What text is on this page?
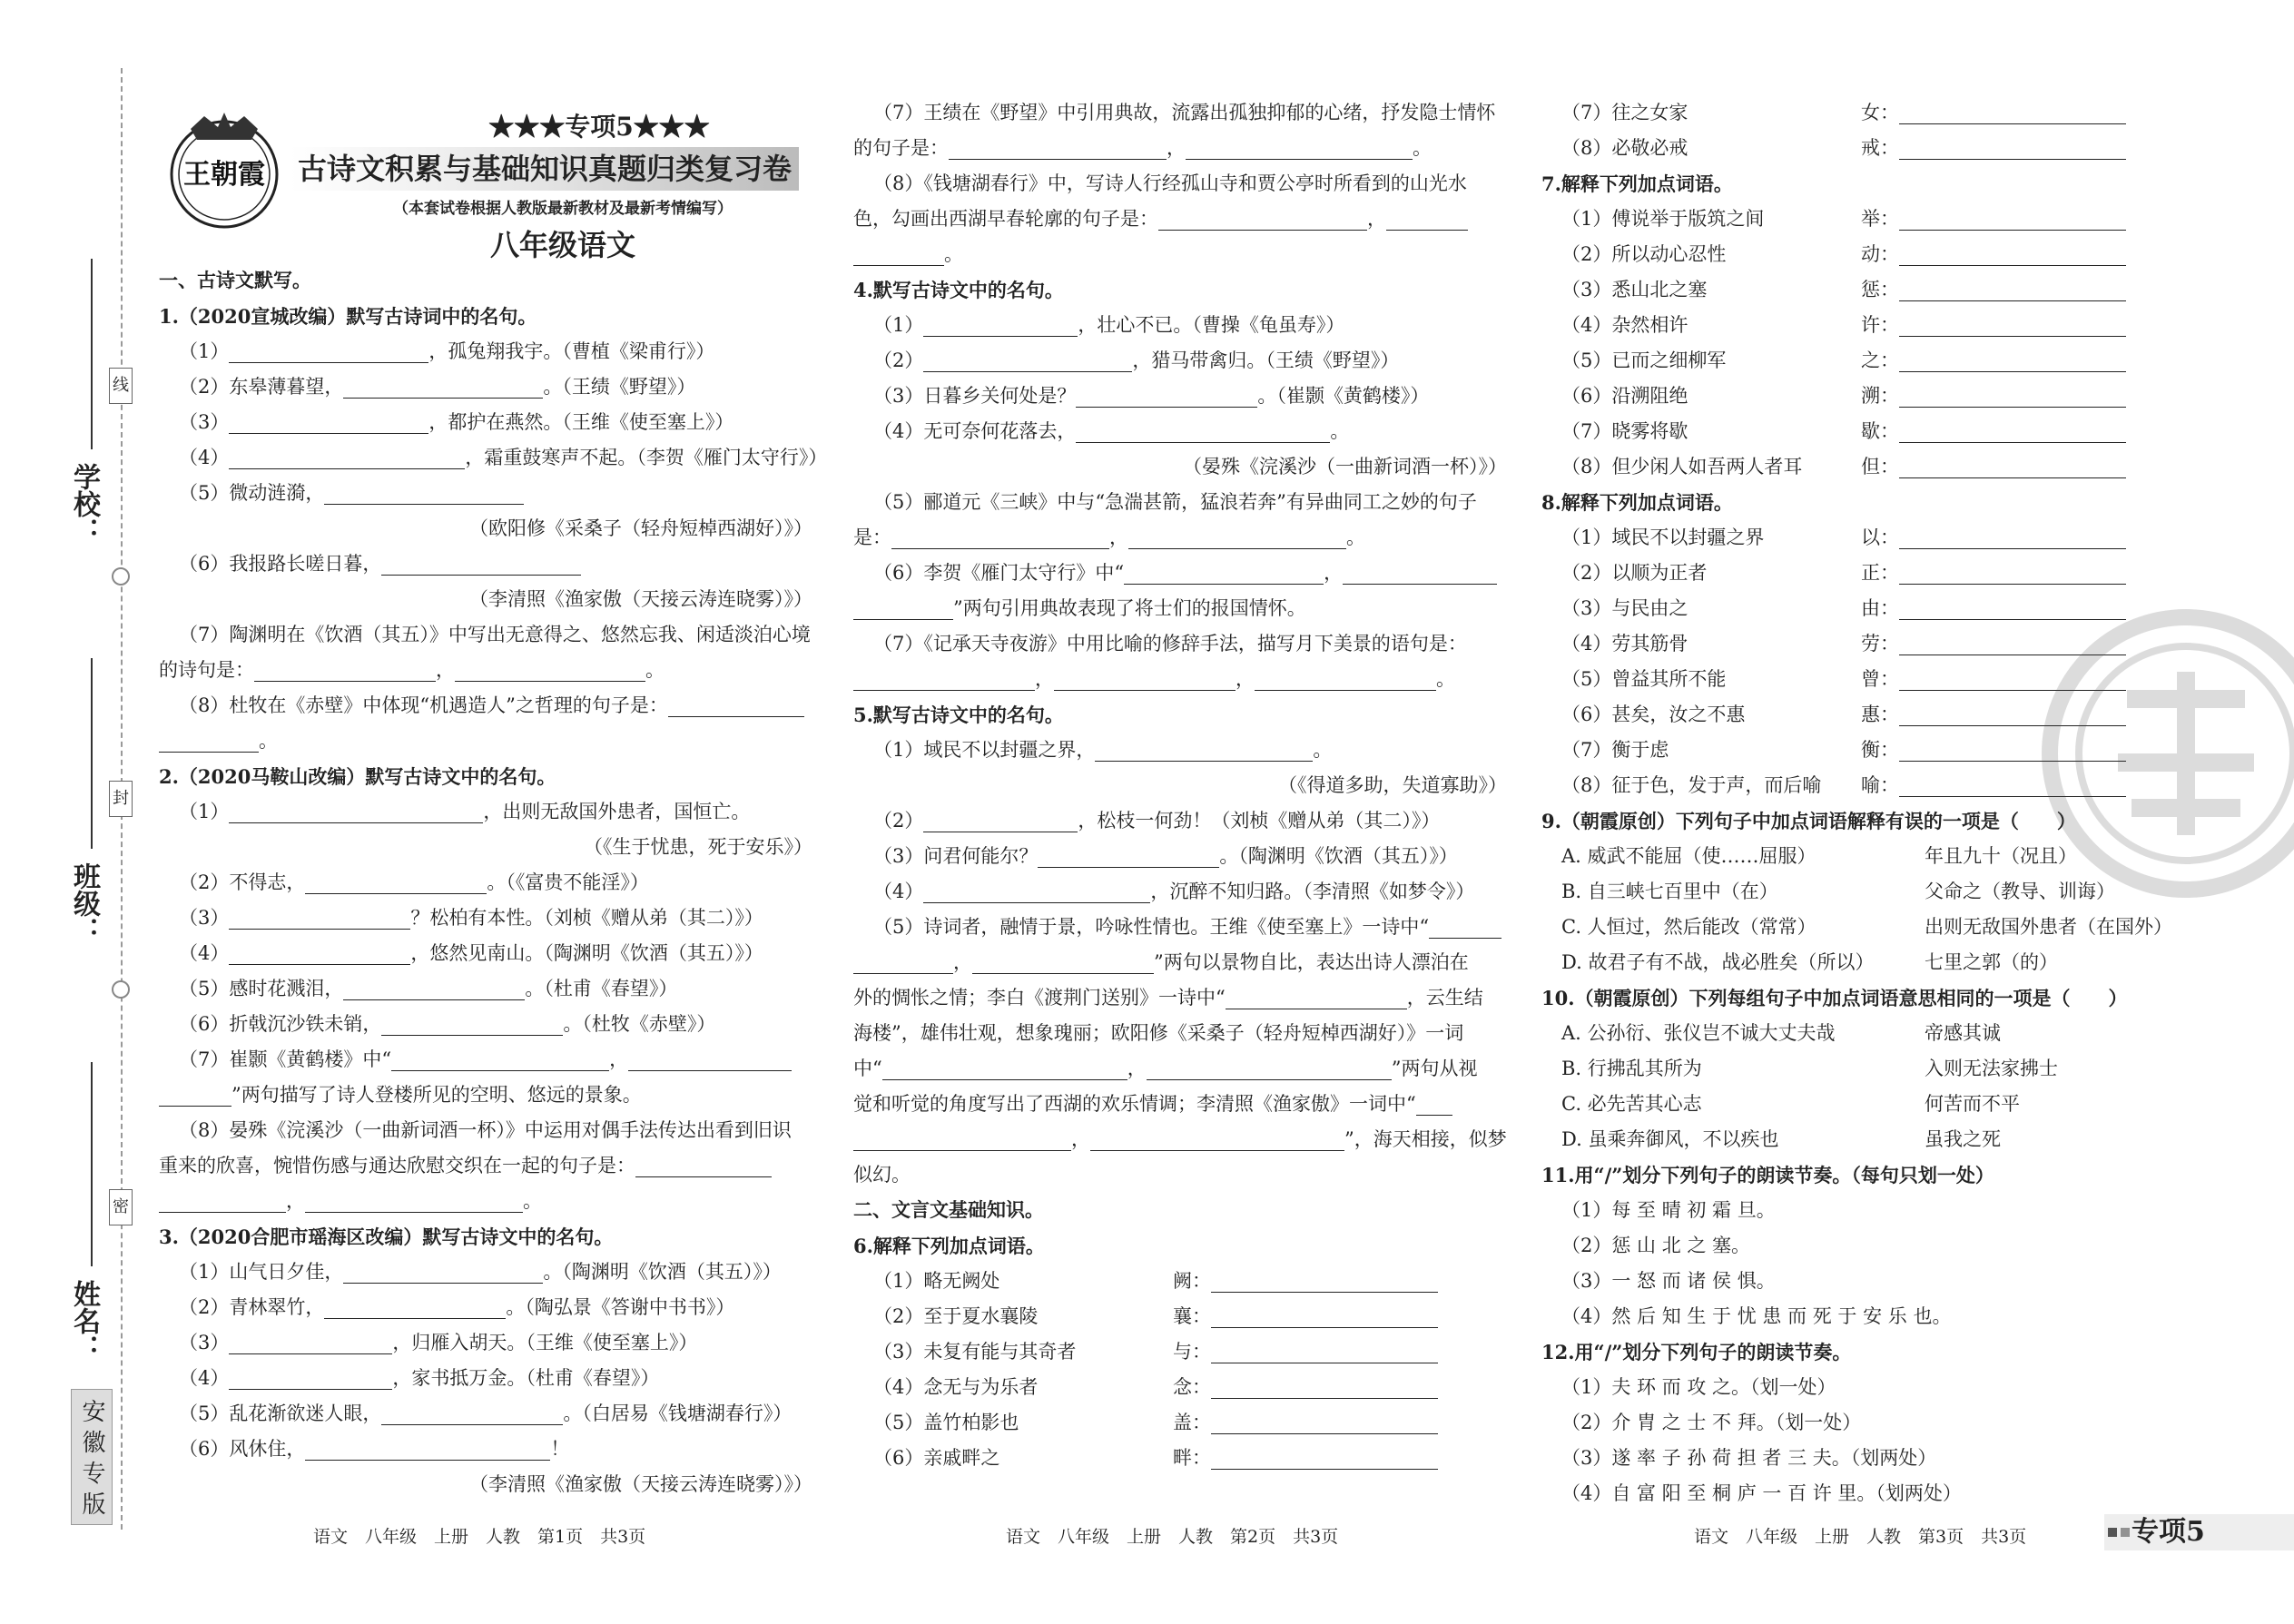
线
封
密
学校：
班级：
姓名：
安徽专版
王朝霞
★★★专项5★★★
古诗文积累与基础知识真题归类复习卷
（本套试卷根据人教版最新教材及最新考情编写）
八年级语文
一、古诗文默写。
1.（2020宣城改编）默写古诗词中的名句。
（1）	，孤兔翔我宇。（曹植《梁甫行》）
（2）东皋薄暮望，	。（王绩《野望》）
（3）	，都护在燕然。（王维《使至塞上》）
（4）	，霜重鼓寒声不起。（李贺《雁门太守行》）
（5）微动涟漪，
（欧阳修《采桑子（轻舟短棹西湖好）》）
（6）我报路长嗟日暮，
（李清照《渔家傲（天接云涛连晓雾）》）
（7）陶渊明在《饮酒（其五）》中写出无意得之、悠然忘我、闲适淡泊心境
的诗句是：	，	。
（8）杜牧在《赤壁》中体现“机遇造人”之哲理的句子是：
。
2.（2020马鞍山改编）默写古诗文中的名句。
（1）	，出则无敌国外患者，国恒亡。
（《生于忧患，死于安乐》）
（2）不得志，	。（《富贵不能淫》）
（3）	？松柏有本性。（刘桢《赠从弟（其二）》）
（4）	，悠然见南山。（陶渊明《饮酒（其五）》）
（5）感时花溅泪，	。（杜甫《春望》）
（6）折戟沉沙铁未销，	。（杜牧《赤壁》）
（7）崔颢《黄鹤楼》中“	，
”两句描写了诗人登楼所见的空明、悠远的景象。
（8）晏殊《浣溪沙（一曲新词酒一杯）》中运用对偶手法传达出看到旧识
重来的欣喜，惋惜伤感与通达欣慰交织在一起的句子是：
，	。
3.（2020合肥市瑶海区改编）默写古诗文中的名句。
（1）山气日夕佳，	。（陶渊明《饮酒（其五）》）
（2）青林翠竹，	。（陶弘景《答谢中书书》）
（3）	，归雁入胡天。（王维《使至塞上》）
（4）	，家书抵万金。（杜甫《春望》）
（5）乱花渐欲迷人眼，	。（白居易《钱塘湖春行》）
（6）风休住，	！
（李清照《渔家傲（天接云涛连晓雾）》）
（7）王绩在《野望》中引用典故，流露出孤独抑郁的心绪，抒发隐士情怀
的句子是：	，	。
（8）《钱塘湖春行》中，写诗人行经孤山寺和贾公亭时所看到的山光水
色，勾画出西湖早春轮廓的句子是：	，
。
4.默写古诗文中的名句。
（1）	，壮心不已。（曹操《龟虽寿》）
（2）	，猎马带禽归。（王绩《野望》）
（3）日暮乡关何处是？	。（崔颢《黄鹤楼》）
（4）无可奈何花落去，	。
（晏殊《浣溪沙（一曲新词酒一杯）》）
（5）郦道元《三峡》中与“急湍甚箭，猛浪若奔”有异曲同工之妙的句子
是：	，	。
（6）李贺《雁门太守行》中“	，
”两句引用典故表现了将士们的报国情怀。
（7）《记承天寺夜游》中用比喻的修辞手法，描写月下美景的语句是：
，	，	。
5.默写古诗文中的名句。
（1）域民不以封疆之界，	。
（《得道多助，失道寡助》）
（2）	，松枝一何劲！（刘桢《赠从弟（其二）》）
（3）问君何能尔？	。（陶渊明《饮酒（其五）》）
（4）	，沉醉不知归路。（李清照《如梦令》）
（5）诗词者，融情于景，吟咏性情也。王维《使至塞上》一诗中“
，	”两句以景物自比，表达出诗人漂泊在
外的惆怅之情；李白《渡荆门送别》一诗中“	，云生结
海楼”，雄伟壮观，想象瑰丽；欧阳修《采桑子（轻舟短棹西湖好）》一词
中“	，	”两句从视
觉和听觉的角度写出了西湖的欢乐情调；李清照《渔家傲》一词中“
，	”，海天相接，似梦
似幻。
二、文言文基础知识。
6.解释下列加点词语。
（1）略无阙处	阙：
（2）至于夏水襄陵	襄：
（3）未复有能与其奇者	与：
（4）念无与为乐者	念：
（5）盖竹柏影也	盖：
（6）亲戚畔之	畔：
（7）往之女家	女：
（8）必敬必戒	戒：
7.解释下列加点词语。
（1）傅说举于版筑之间	举：
（2）所以动心忍性	动：
（3）悉山北之塞	惩：
（4）杂然相许	许：
（5）已而之细柳军	之：
（6）沿溯阻绝	溯：
（7）晓雾将歇	歇：
（8）但少闲人如吾两人者耳	但：
8.解释下列加点词语。
（1）域民不以封疆之界	以：
（2）以顺为正者	正：
（3）与民由之	由：
（4）劳其筋骨	劳：
（5）曾益其所不能	曾：
（6）甚矣，汝之不惠	惠：
（7）衡于虑	衡：
（8）征于色，发于声，而后喻 喻：
9.（朝霞原创）下列句子中加点词语解释有误的一项是（　　）
A. 威武不能屈（使……屈服）	年且九十（况且）
B. 自三峡七百里中（在）	父命之（教导、训诲）
C. 人恒过，然后能改（常常）	出则无敌国外患者（在国外）
D. 故君子有不战，战必胜矣（所以）	七里之郭（的）
10.（朝霞原创）下列每组句子中加点词语意思相同的一项是（　　）
A. 公孙衍、张仪岂不诚大丈夫哉	帝感其诚
B. 行拂乱其所为	入则无法家拂士
C. 必先苦其心志	何苦而不平
D. 虽乘奔御风，不以疾也	虽我之死
11.用“/”划分下列句子的朗读节奏。（每句只划一处）
（1）每 至 晴 初 霜 旦。
（2）惩 山 北 之 塞。
（3）一 怒 而 诸 侯 惧。
（4）然 后 知 生 于 忧 患 而 死 于 安 乐 也。
12.用“/”划分下列句子的朗读节奏。
（1）夫 环 而 攻 之。（划一处）
（2）介 胄 之 士 不 拜。（划一处）
（3）遂 率 子 孙 荷 担 者 三 夫。（划两处）
（4）自 富 阳 至 桐 庐 一 百 许 里。（划两处）
语文　八年级　上册　人教　第1页　共3页	语文　八年级　上册　人教　第2页　共3页	语文　八年级　上册　人教　第3页　共3页	专项5
